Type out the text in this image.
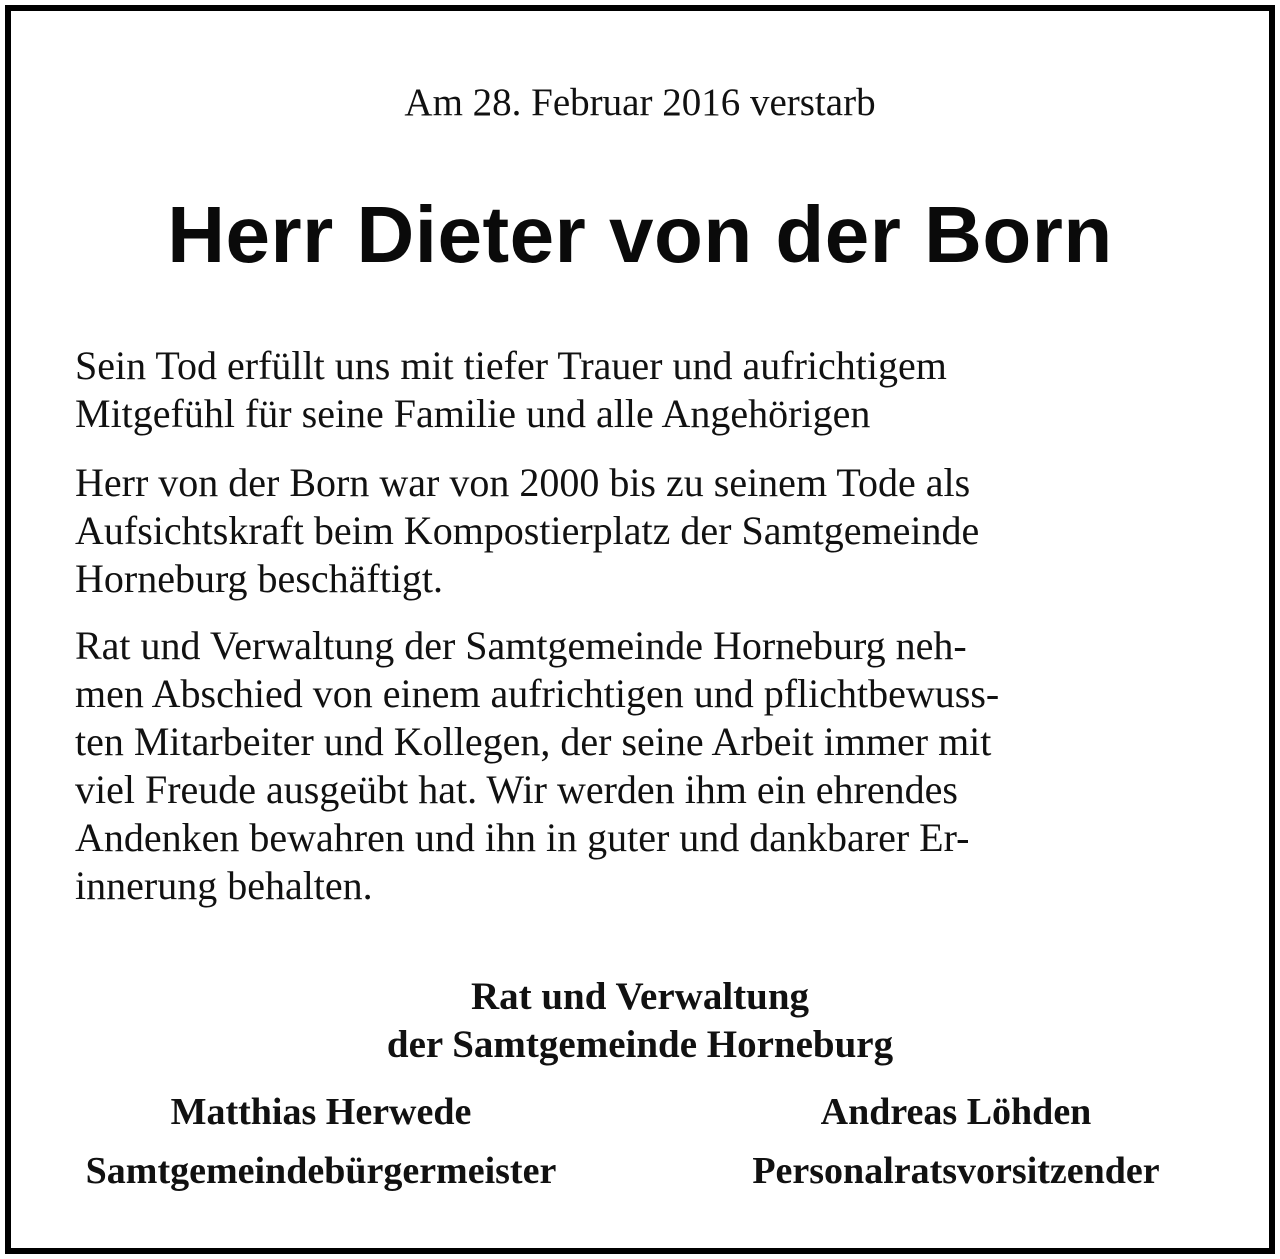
Am 28. Februar 2016 verstarb

Herr Dieter von der Born

Sein Tod erfüllt uns mit tiefer Trauer und aufrichtigem
Mitgefühl für seine Familie und alle Angehörigen

Herr von der Born war von 2000 bis zu seinem Tode als
Aufsichtskraft beim Kompostierplatz der Samtgemeinde
Horneburg beschäftigt.

Rat und Verwaltung der Samtgemeinde Horneburg neh-
men Abschied von einem aufrichtigen und pflichtbewuss-
ten Mitarbeiter und Kollegen, der seine Arbeit immer mit
viel Freude ausgeübt hat. Wir werden ihm ein ehrendes
Andenken bewahren und ihn in guter und dankbarer Er-
innerung behalten.

Rat und Verwaltung

der Samtgemeinde Horneburg

Matthias Herwede

Samtgemeindebürgermeister

Andreas Löhden

Personalratsvorsitzender
